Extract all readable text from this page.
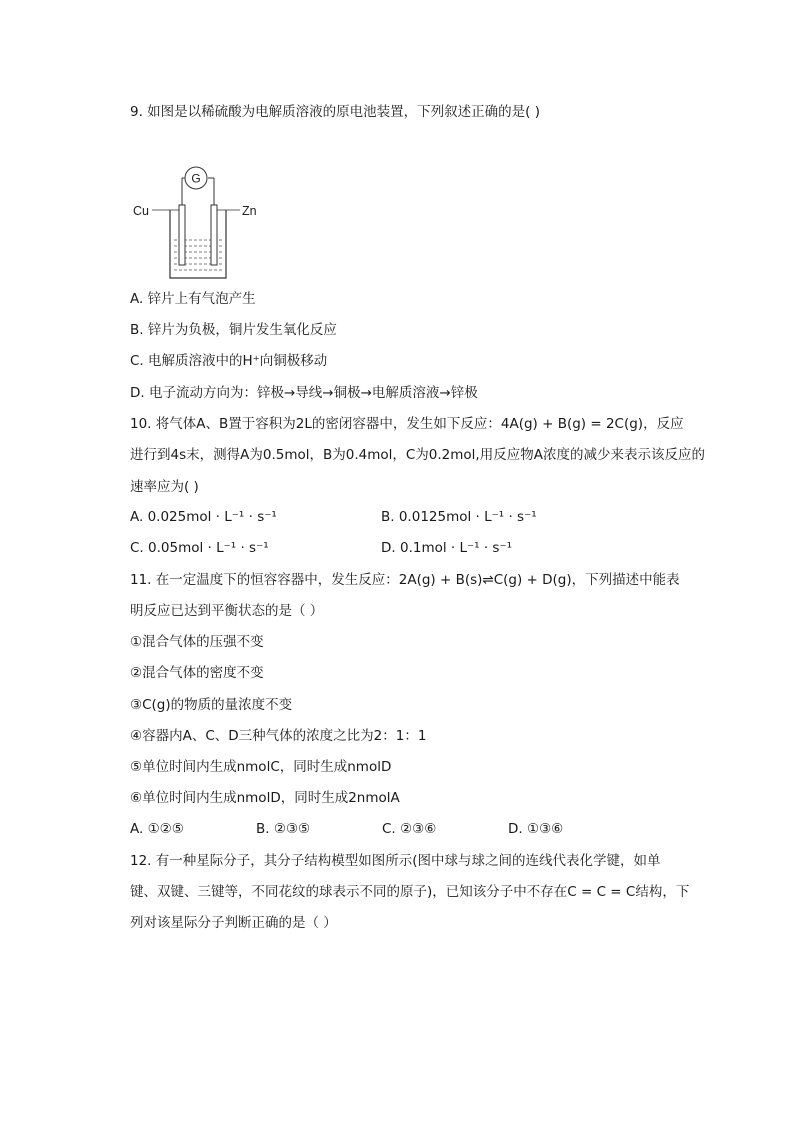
9. 如图是以稀硫酸为电解质溶液的原电池装置，下列叙述正确的是( )
G
Cu	Zn
A. 锌片上有气泡产生
B. 锌片为负极，铜片发生氧化反应
C. 电解质溶液中的H⁺向铜极移动
D. 电子流动方向为：锌极→导线→铜极→电解质溶液→锌极
10. 将气体A、B置于容积为2L的密闭容器中，发生如下反应：4A(g) + B(g) = 2C(g)，反应
进行到4s末，测得A为0.5mol，B为0.4mol，C为0.2mol,用反应物A浓度的减少来表示该反应的
速率应为( )
A. 0.025mol · L⁻¹ · s⁻¹	B. 0.0125mol · L⁻¹ · s⁻¹
C. 0.05mol · L⁻¹ · s⁻¹	D. 0.1mol · L⁻¹ · s⁻¹
11. 在一定温度下的恒容容器中，发生反应：2A(g) + B(s)⇌C(g) + D(g)，下列描述中能表
明反应已达到平衡状态的是（ ）
①混合气体的压强不变
②混合气体的密度不变
③C(g)的物质的量浓度不变
④容器内A、C、D三种气体的浓度之比为2：1：1
⑤单位时间内生成nmolC，同时生成nmolD
⑥单位时间内生成nmolD，同时生成2nmolA
A. ①②⑤	B. ②③⑤	C. ②③⑥	D. ①③⑥
12. 有一种星际分子，其分子结构模型如图所示(图中球与球之间的连线代表化学键，如单
键、双键、三键等，不同花纹的球表示不同的原子)，已知该分子中不存在C = C = C结构，下
列对该星际分子判断正确的是（ ）
